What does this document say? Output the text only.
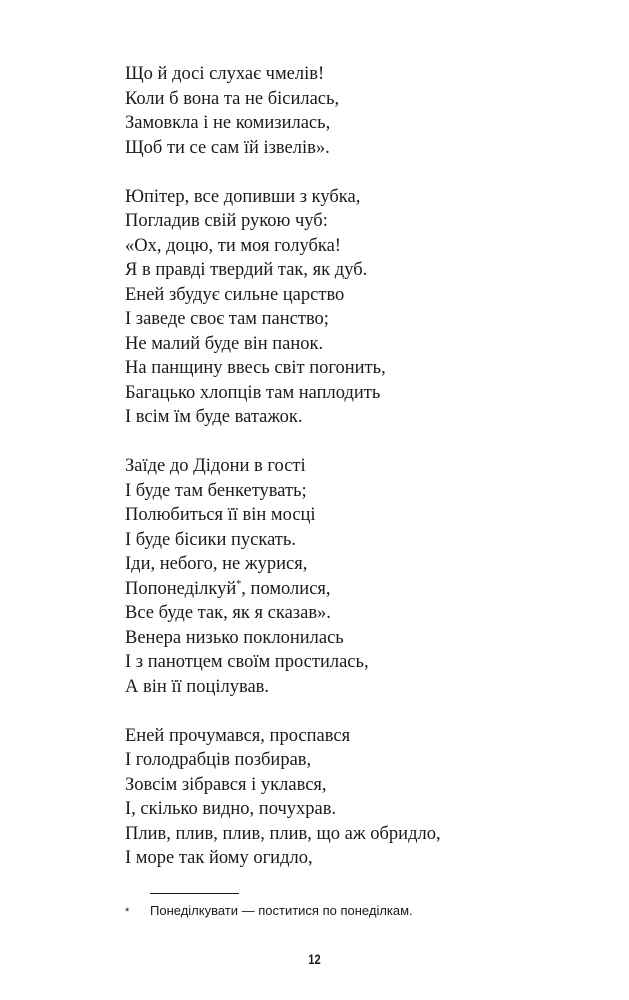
Що й досі слухає чмелів!
Коли б вона та не бісилась,
Замовкла і не комизилась,
Щоб ти се сам їй ізвелів».
Юпітер, все допивши з кубка,
Погладив свій рукою чуб:
«Ох, доцю, ти моя голубка!
Я в правді твердий так, як дуб.
Еней збудує сильне царство
І заведе своє там панство;
Не малий буде він панок.
На панщину ввесь світ погонить,
Багацько хлопців там наплодить
І всім їм буде ватажок.
Заїде до Дідони в гості
І буде там бенкетувать;
Полюбиться її він мосці
І буде бісики пускать.
Іди, небого, не журися,
Попонеділкуй*, помолися,
Все буде так, як я сказав».
Венера низько поклонилась
І з панотцем своїм простилась,
А він її поцілував.
Еней прочумався, проспався
І голодрабців позбирав,
Зовсім зібрався і уклався,
І, скілько видно, почухрав.
Плив, плив, плив, плив, що аж обридло,
І море так йому огидло,
* Понеділкувати — поститися по понеділкам.
12
